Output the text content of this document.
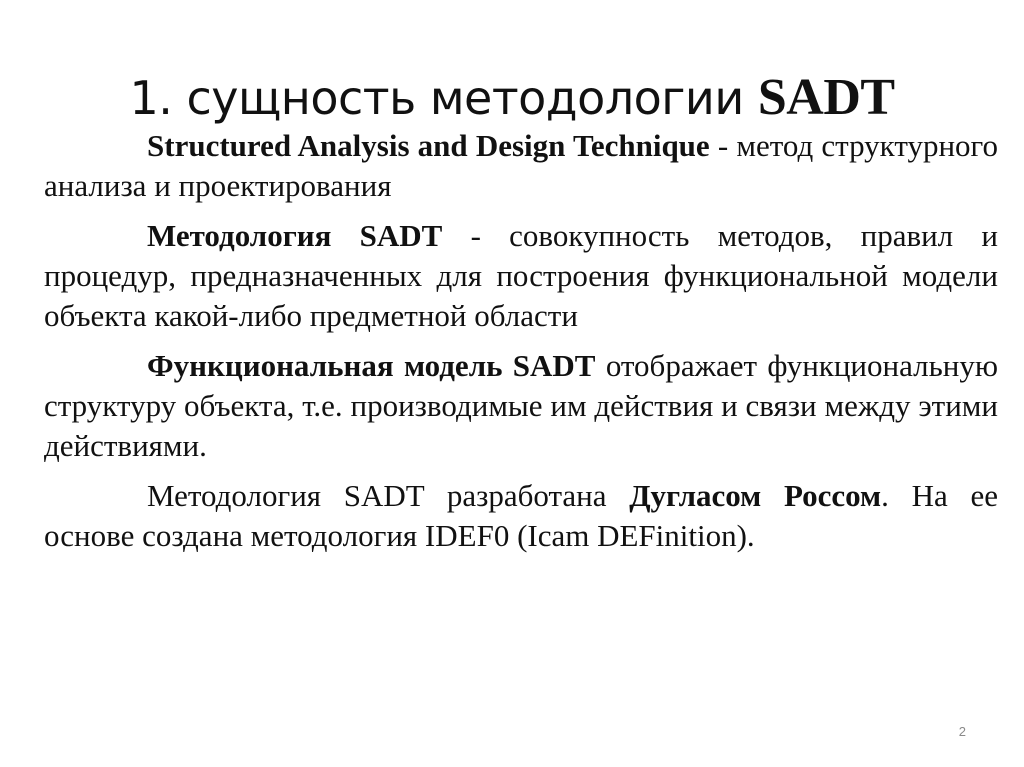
1. сущность методологии SADT

Structured Analysis and Design Technique - метод структурного анализа и проектирования

Методология SADT - совокупность методов, правил и процедур, предназначенных для построения функциональной модели объекта какой-либо предметной области

Функциональная модель SADT отображает функциональную структуру объекта, т.е. производимые им действия и связи между этими действиями.

Методология SADT разработана Дугласом Россом. На ее основе создана методология IDEF0 (Icam DEFinition).

2
